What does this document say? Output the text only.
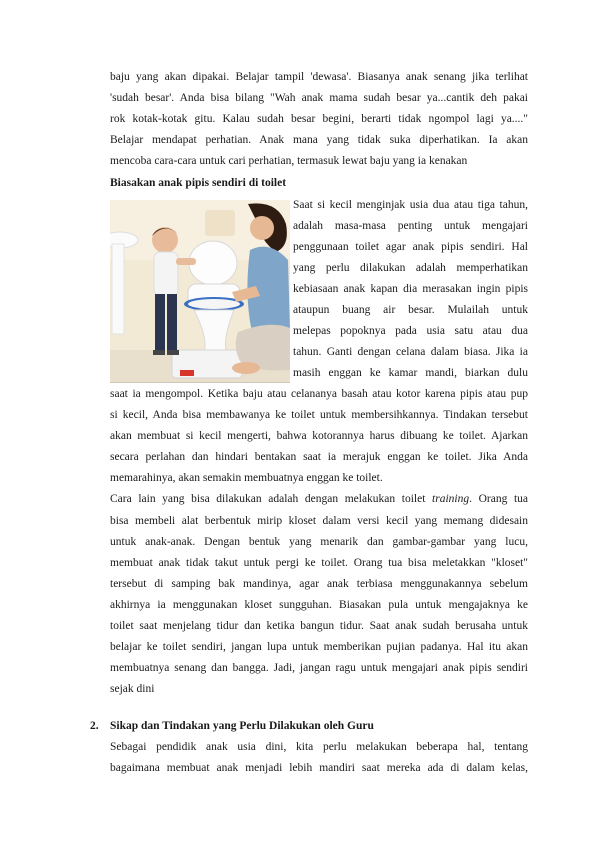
baju yang akan dipakai. Belajar tampil 'dewasa'. Biasanya anak senang jika terlihat
'sudah besar'. Anda bisa bilang "Wah anak mama sudah besar ya...cantik deh pakai
rok kotak-kotak gitu. Kalau sudah besar begini, berarti tidak ngompol lagi ya...."
Belajar mendapat perhatian. Anak mana yang tidak suka diperhatikan. Ia akan
mencoba cara-cara untuk cari perhatian, termasuk lewat baju yang ia kenakan
Biasakan anak pipis sendiri di toilet
Saat si kecil menginjak usia dua atau tiga tahun,
adalah masa-masa penting untuk mengajari
penggunaan toilet agar anak pipis sendiri. Hal
yang perlu dilakukan adalah memperhatikan
kebiasaan anak kapan dia merasakan ingin pipis
ataupun buang air besar. Mulailah untuk
melepas popoknya pada usia satu atau dua
tahun. Ganti dengan celana dalam biasa. Jika ia
masih enggan ke kamar mandi, biarkan dulu
saat ia mengompol. Ketika baju atau celananya basah atau kotor karena pipis atau pup
si kecil, Anda bisa membawanya ke toilet untuk membersihkannya. Tindakan tersebut
akan membuat si kecil mengerti, bahwa kotorannya harus dibuang ke toilet. Ajarkan
secara perlahan dan hindari bentakan saat ia merajuk enggan ke toilet. Jika Anda
memarahinya, akan semakin membuatnya enggan ke toilet.
Cara lain yang bisa dilakukan adalah dengan melakukan toilet training. Orang tua
bisa membeli alat berbentuk mirip kloset dalam versi kecil yang memang didesain
untuk anak-anak. Dengan bentuk yang menarik dan gambar-gambar yang lucu,
membuat anak tidak takut untuk pergi ke toilet. Orang tua bisa meletakkan "kloset"
tersebut di samping bak mandinya, agar anak terbiasa menggunakannya sebelum
akhirnya ia menggunakan kloset sungguhan. Biasakan pula untuk mengajaknya ke
toilet saat menjelang tidur dan ketika bangun tidur. Saat anak sudah berusaha untuk
belajar ke toilet sendiri, jangan lupa untuk memberikan pujian padanya. Hal itu akan
membuatnya senang dan bangga. Jadi, jangan ragu untuk mengajari anak pipis sendiri
sejak dini
2. Sikap dan Tindakan yang Perlu Dilakukan oleh Guru
Sebagai pendidik anak usia dini, kita perlu melakukan beberapa hal, tentang
bagaimana membuat anak menjadi lebih mandiri saat mereka ada di dalam kelas,
